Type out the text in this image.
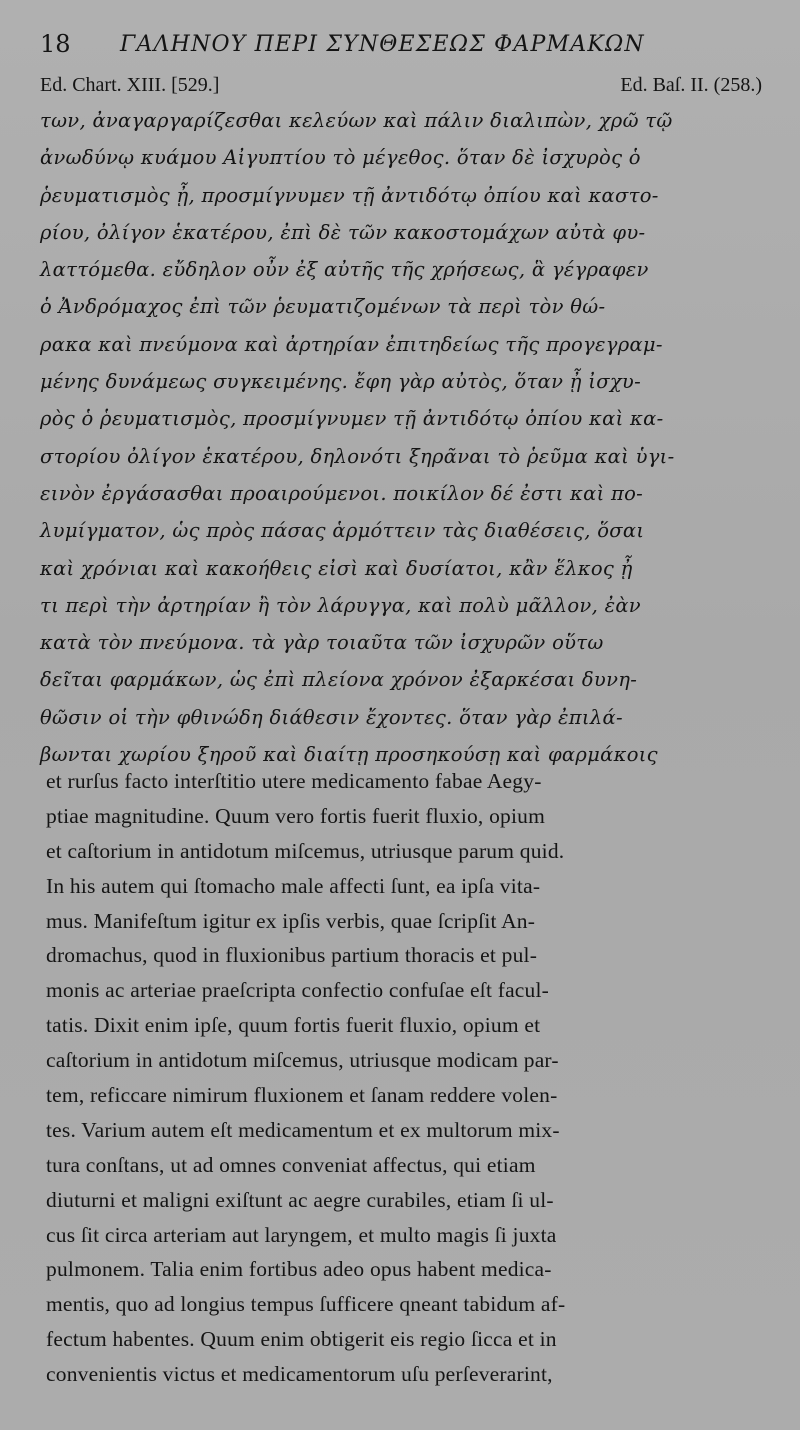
18 ΓΑΛΗΝΟΥ ΠΕΡΙ ΣΥΝΘΕΣΕΩΣ ΦΑΡΜΑΚΩΝ
Ed. Chart. XIII. [529.]	Ed. Baſ. II. (258.)
των, ἀναγαργαρίζεσθαι κελεύων καὶ πάλιν διαλιπὼν, χρῶ τῷ
ἀνωδύνῳ κυάμου Αἰγυπτίου τὸ μέγεθος. ὅταν δὲ ἰσχυρὸς ὁ
ῥευματισμὸς ᾖ, προσμίγνυμεν τῇ ἀντιδότῳ ὀπίου καὶ καστο-
ρίου, ὀλίγον ἑκατέρου, ἐπὶ δὲ τῶν κακοστομάχων αὐτὰ φυ-
λαττόμεθα. εὔδηλον οὖν ἐξ αὐτῆς τῆς χρήσεως, ἃ γέγραφεν
ὁ Ἀνδρόμαχος ἐπὶ τῶν ῥευματιζομένων τὰ περὶ τὸν θώ-
ρακα καὶ πνεύμονα καὶ ἀρτηρίαν ἐπιτηδείως τῆς προγεγραμ-
μένης δυνάμεως συγκειμένης. ἔφη γὰρ αὐτὸς, ὅταν ᾖ ἰσχυ-
ρὸς ὁ ῥευματισμὸς, προσμίγνυμεν τῇ ἀντιδότῳ ὀπίου καὶ κα-
στορίου ὀλίγον ἑκατέρου, δηλονότι ξηρᾶναι τὸ ῥεῦμα καὶ ὑγι-
εινὸν ἐργάσασθαι προαιρούμενοι. ποικίλον δέ ἐστι καὶ πο-
λυμίγματον, ὡς πρὸς πάσας ἁρμόττειν τὰς διαθέσεις, ὅσαι
καὶ χρόνιαι καὶ κακοήθεις εἰσὶ καὶ δυσίατοι, κἂν ἕλκος ᾖ
τι περὶ τὴν ἀρτηρίαν ἢ τὸν λάρυγγα, καὶ πολὺ μᾶλλον, ἐὰν
κατὰ τὸν πνεύμονα. τὰ γὰρ τοιαῦτα τῶν ἰσχυρῶν οὕτω
δεῖται φαρμάκων, ὡς ἐπὶ πλείονα χρόνον ἐξαρκέσαι δυνη-
θῶσιν οἱ τὴν φθινώδη διάθεσιν ἔχοντες. ὅταν γὰρ ἐπιλά-
βωνται χωρίου ξηροῦ καὶ διαίτῃ προσηκούσῃ καὶ φαρμάκοις
et rurſus facto interſtitio utere medicamento fabae Aegy-
ptiae magnitudine. Quum vero fortis fuerit fluxio, opium
et caſtorium in antidotum miſcemus, utriusque parum quid.
In his autem qui ſtomacho male affecti ſunt, ea ipſa vita-
mus. Manifeſtum igitur ex ipſis verbis, quae ſcripſit An-
dromachus, quod in fluxionibus partium thoracis et pul-
monis ac arteriae praeſcripta confectio confuſae eſt facul-
tatis. Dixit enim ipſe, quum fortis fuerit fluxio, opium et
caſtorium in antidotum miſcemus, utriusque modicam par-
tem, reficcare nimirum fluxionem et ſanam reddere volen-
tes. Varium autem eſt medicamentum et ex multorum mix-
tura conſtans, ut ad omnes conveniat affectus, qui etiam
diuturni et maligni exiſtunt ac aegre curabiles, etiam ſi ul-
cus ſit circa arteriam aut laryngem, et multo magis ſi juxta
pulmonem. Talia enim fortibus adeo opus habent medica-
mentis, quo ad longius tempus ſufficere qneant tabidum af-
fectum habentes. Quum enim obtigerit eis regio ſicca et in
convenientis victus et medicamentorum uſu perſeverarint,
